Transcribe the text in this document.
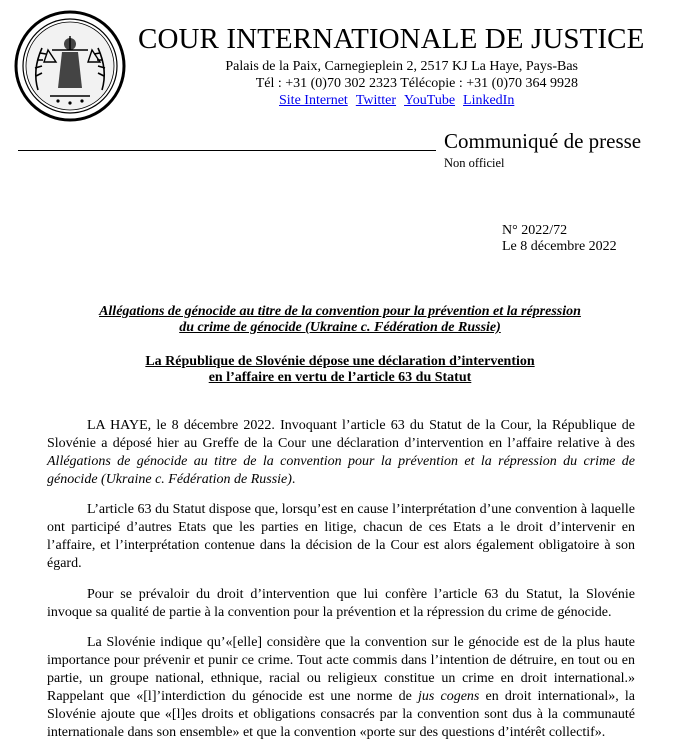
COUR INTERNATIONALE DE JUSTICE
Palais de la Paix, Carnegieplein 2, 2517 KJ La Haye, Pays-Bas
Tél : +31 (0)70 302 2323 Télécopie : +31 (0)70 364 9928
Site Internet Twitter YouTube LinkedIn
Communiqué de presse
Non officiel
N° 2022/72
Le 8 décembre 2022
Allégations de génocide au titre de la convention pour la prévention et la répression
du crime de génocide (Ukraine c. Fédération de Russie)
La République de Slovénie dépose une déclaration d’intervention
en l’affaire en vertu de l’article 63 du Statut

LA HAYE, le 8 décembre 2022. Invoquant l’article 63 du Statut de la Cour, la République de Slovénie a déposé hier au Greffe de la Cour une déclaration d’intervention en l’affaire relative à des Allégations de génocide au titre de la convention pour la prévention et la répression du crime de génocide (Ukraine c. Fédération de Russie).

L’article 63 du Statut dispose que, lorsqu’est en cause l’interprétation d’une convention à laquelle ont participé d’autres Etats que les parties en litige, chacun de ces Etats a le droit d’intervenir en l’affaire, et l’interprétation contenue dans la décision de la Cour est alors également obligatoire à son égard.

Pour se prévaloir du droit d’intervention que lui confère l’article 63 du Statut, la Slovénie invoque sa qualité de partie à la convention pour la prévention et la répression du crime de génocide.

La Slovénie indique qu’«[elle] considère que la convention sur le génocide est de la plus haute importance pour prévenir et punir ce crime. Tout acte commis dans l’intention de détruire, en tout ou en partie, un groupe national, ethnique, racial ou religieux constitue un crime en droit international.» Rappelant que «[l]’interdiction du génocide est une norme de jus cogens en droit international», la Slovénie ajoute que «[l]es droits et obligations consacrés par la convention sont dus à la communauté internationale dans son ensemble» et que la convention «porte sur des questions d’intérêt collectif».
